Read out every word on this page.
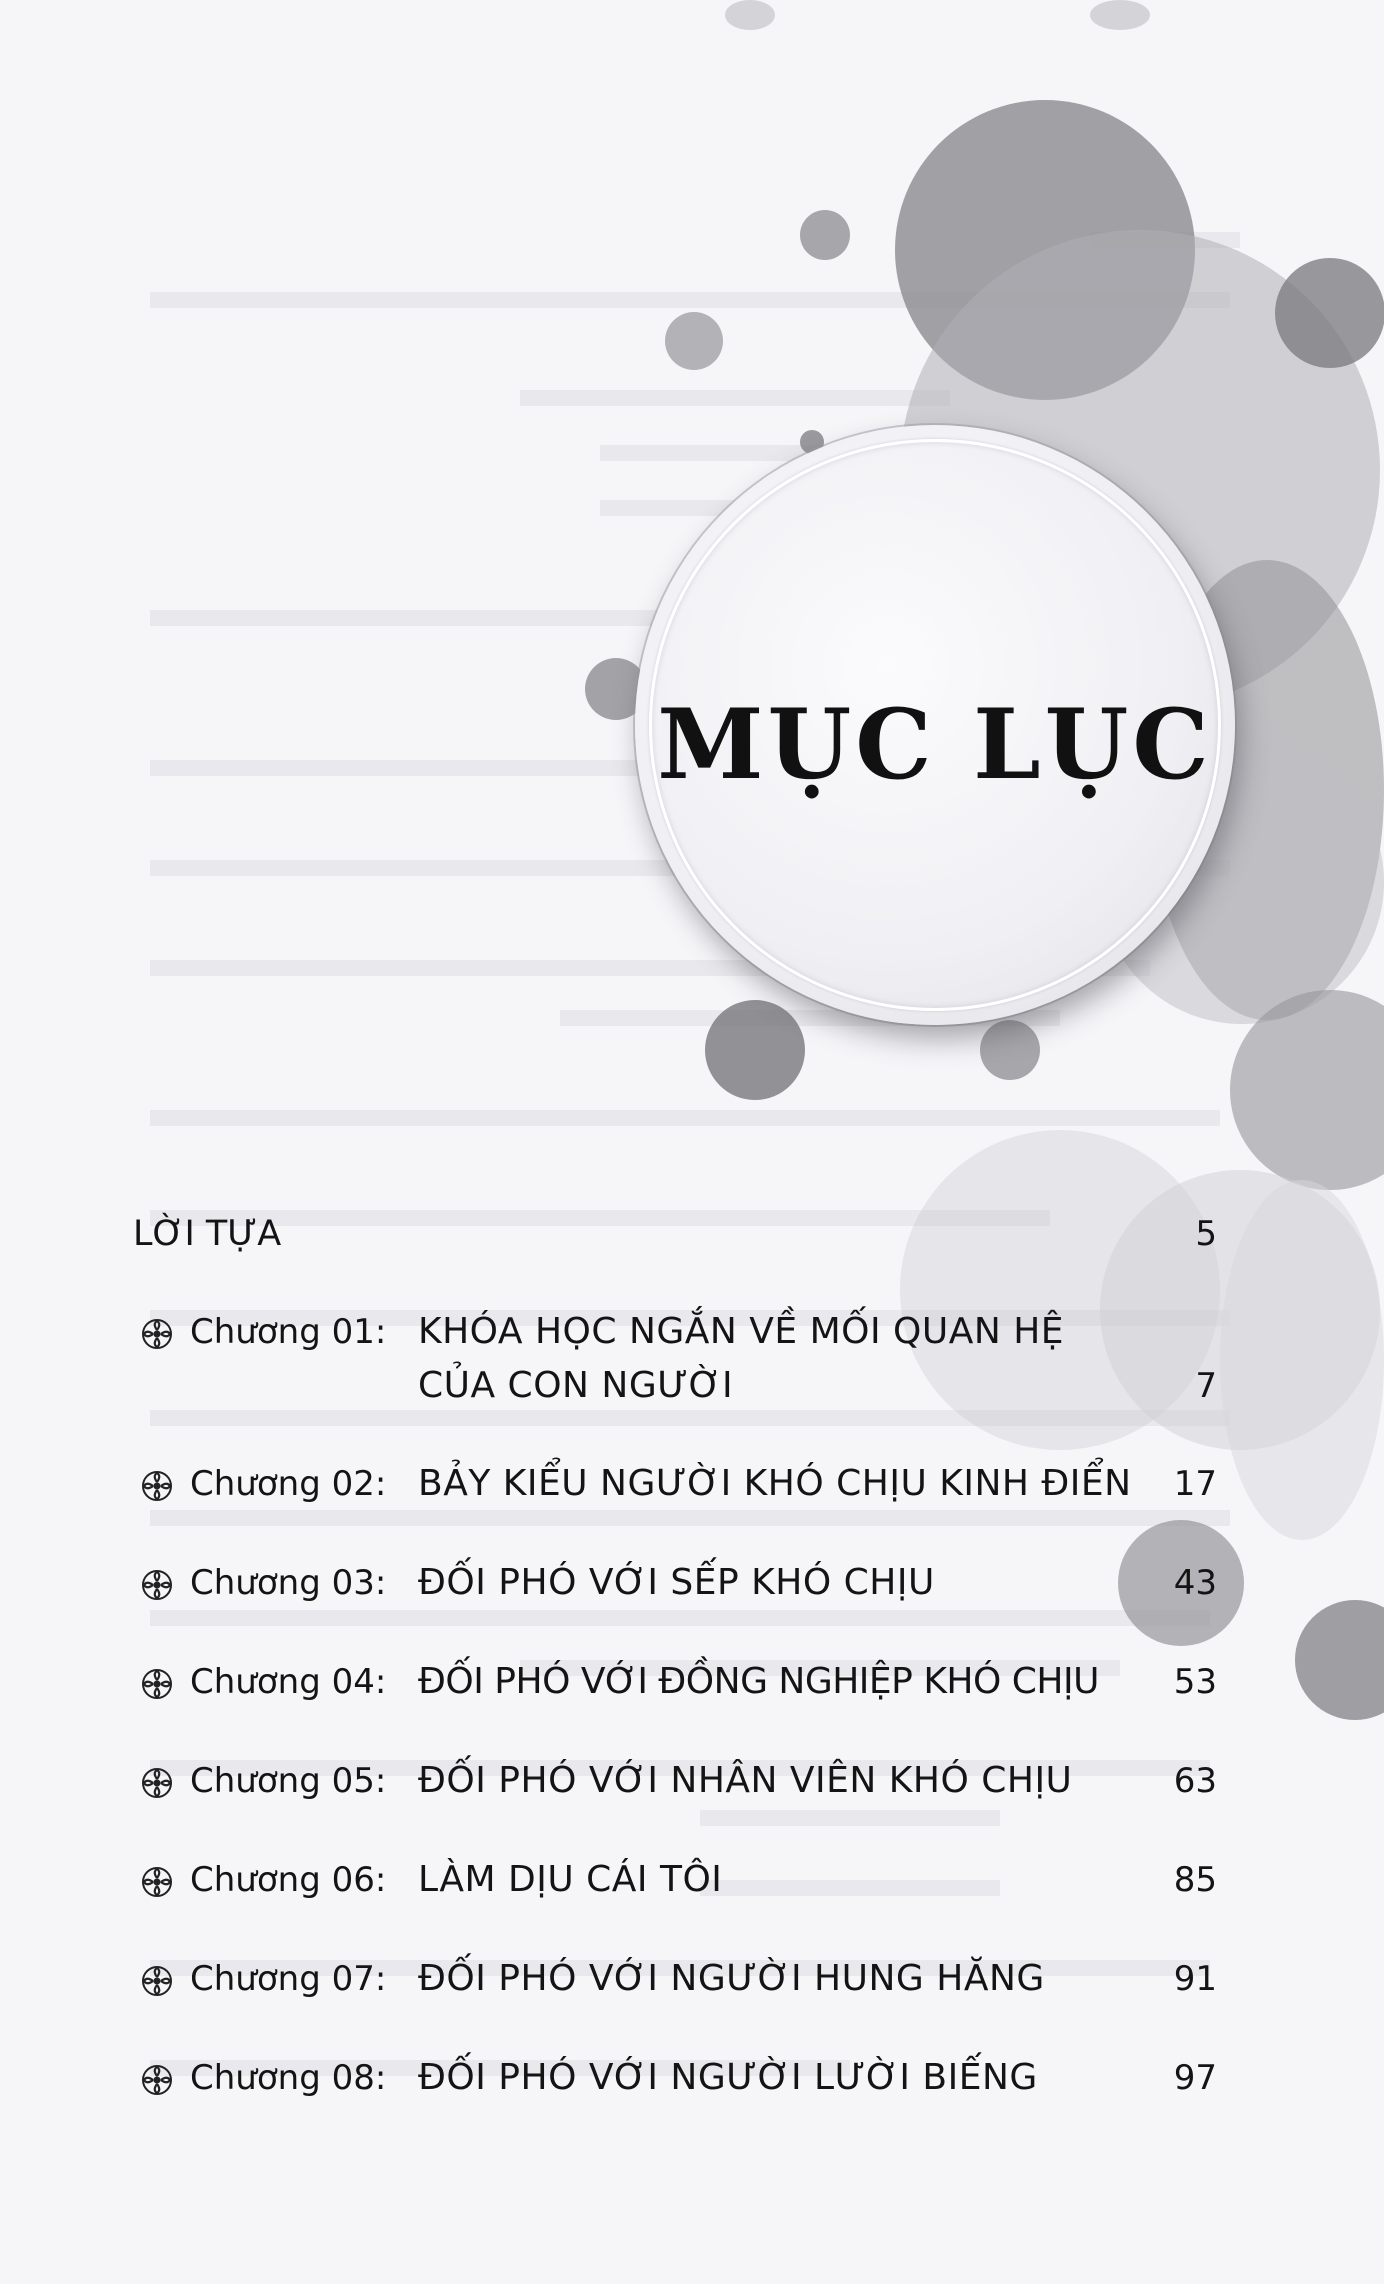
MỤC LỤC
LỜI TỰA	5
Chương 01: KHÓA HỌC NGẮN VỀ MỐI QUAN HỆ
CỦA CON NGƯỜI	7
Chương 02: BẢY KIỂU NGƯỜI KHÓ CHỊU KINH ĐIỂN	17
Chương 03: ĐỐI PHÓ VỚI SẾP KHÓ CHỊU	43
Chương 04: ĐỐI PHÓ VỚI ĐỒNG NGHIỆP KHÓ CHỊU	53
Chương 05: ĐỐI PHÓ VỚI NHÂN VIÊN KHÓ CHỊU	63
Chương 06: LÀM DỊU CÁI TÔI	85
Chương 07: ĐỐI PHÓ VỚI NGƯỜI HUNG HĂNG	91
Chương 08: ĐỐI PHÓ VỚI NGƯỜI LƯỜI BIẾNG	97
